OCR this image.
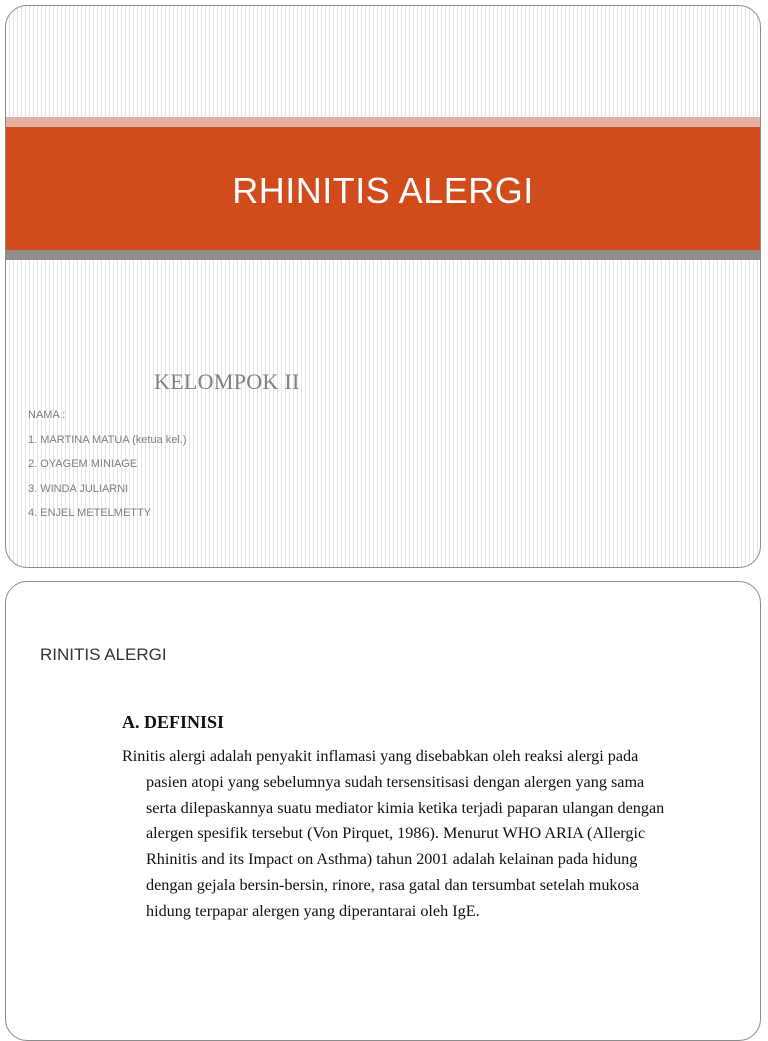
RHINITIS ALERGI
KELOMPOK II
NAMA :
1. MARTINA MATUA (ketua kel.)
2. OYAGEM MINIAGE
3. WINDA JULIARNI
4. ENJEL METELMETTY
RINITIS ALERGI
A. DEFINISI

Rinitis alergi adalah penyakit inflamasi yang disebabkan oleh reaksi alergi pada pasien atopi yang sebelumnya sudah tersensitisasi dengan alergen yang sama serta dilepaskannya suatu mediator kimia ketika terjadi paparan ulangan dengan alergen spesifik tersebut (Von Pirquet, 1986). Menurut WHO ARIA (Allergic Rhinitis and its Impact on Asthma) tahun 2001 adalah kelainan pada hidung dengan gejala bersin-bersin, rinore, rasa gatal dan tersumbat setelah mukosa hidung terpapar alergen yang diperantarai oleh IgE.
